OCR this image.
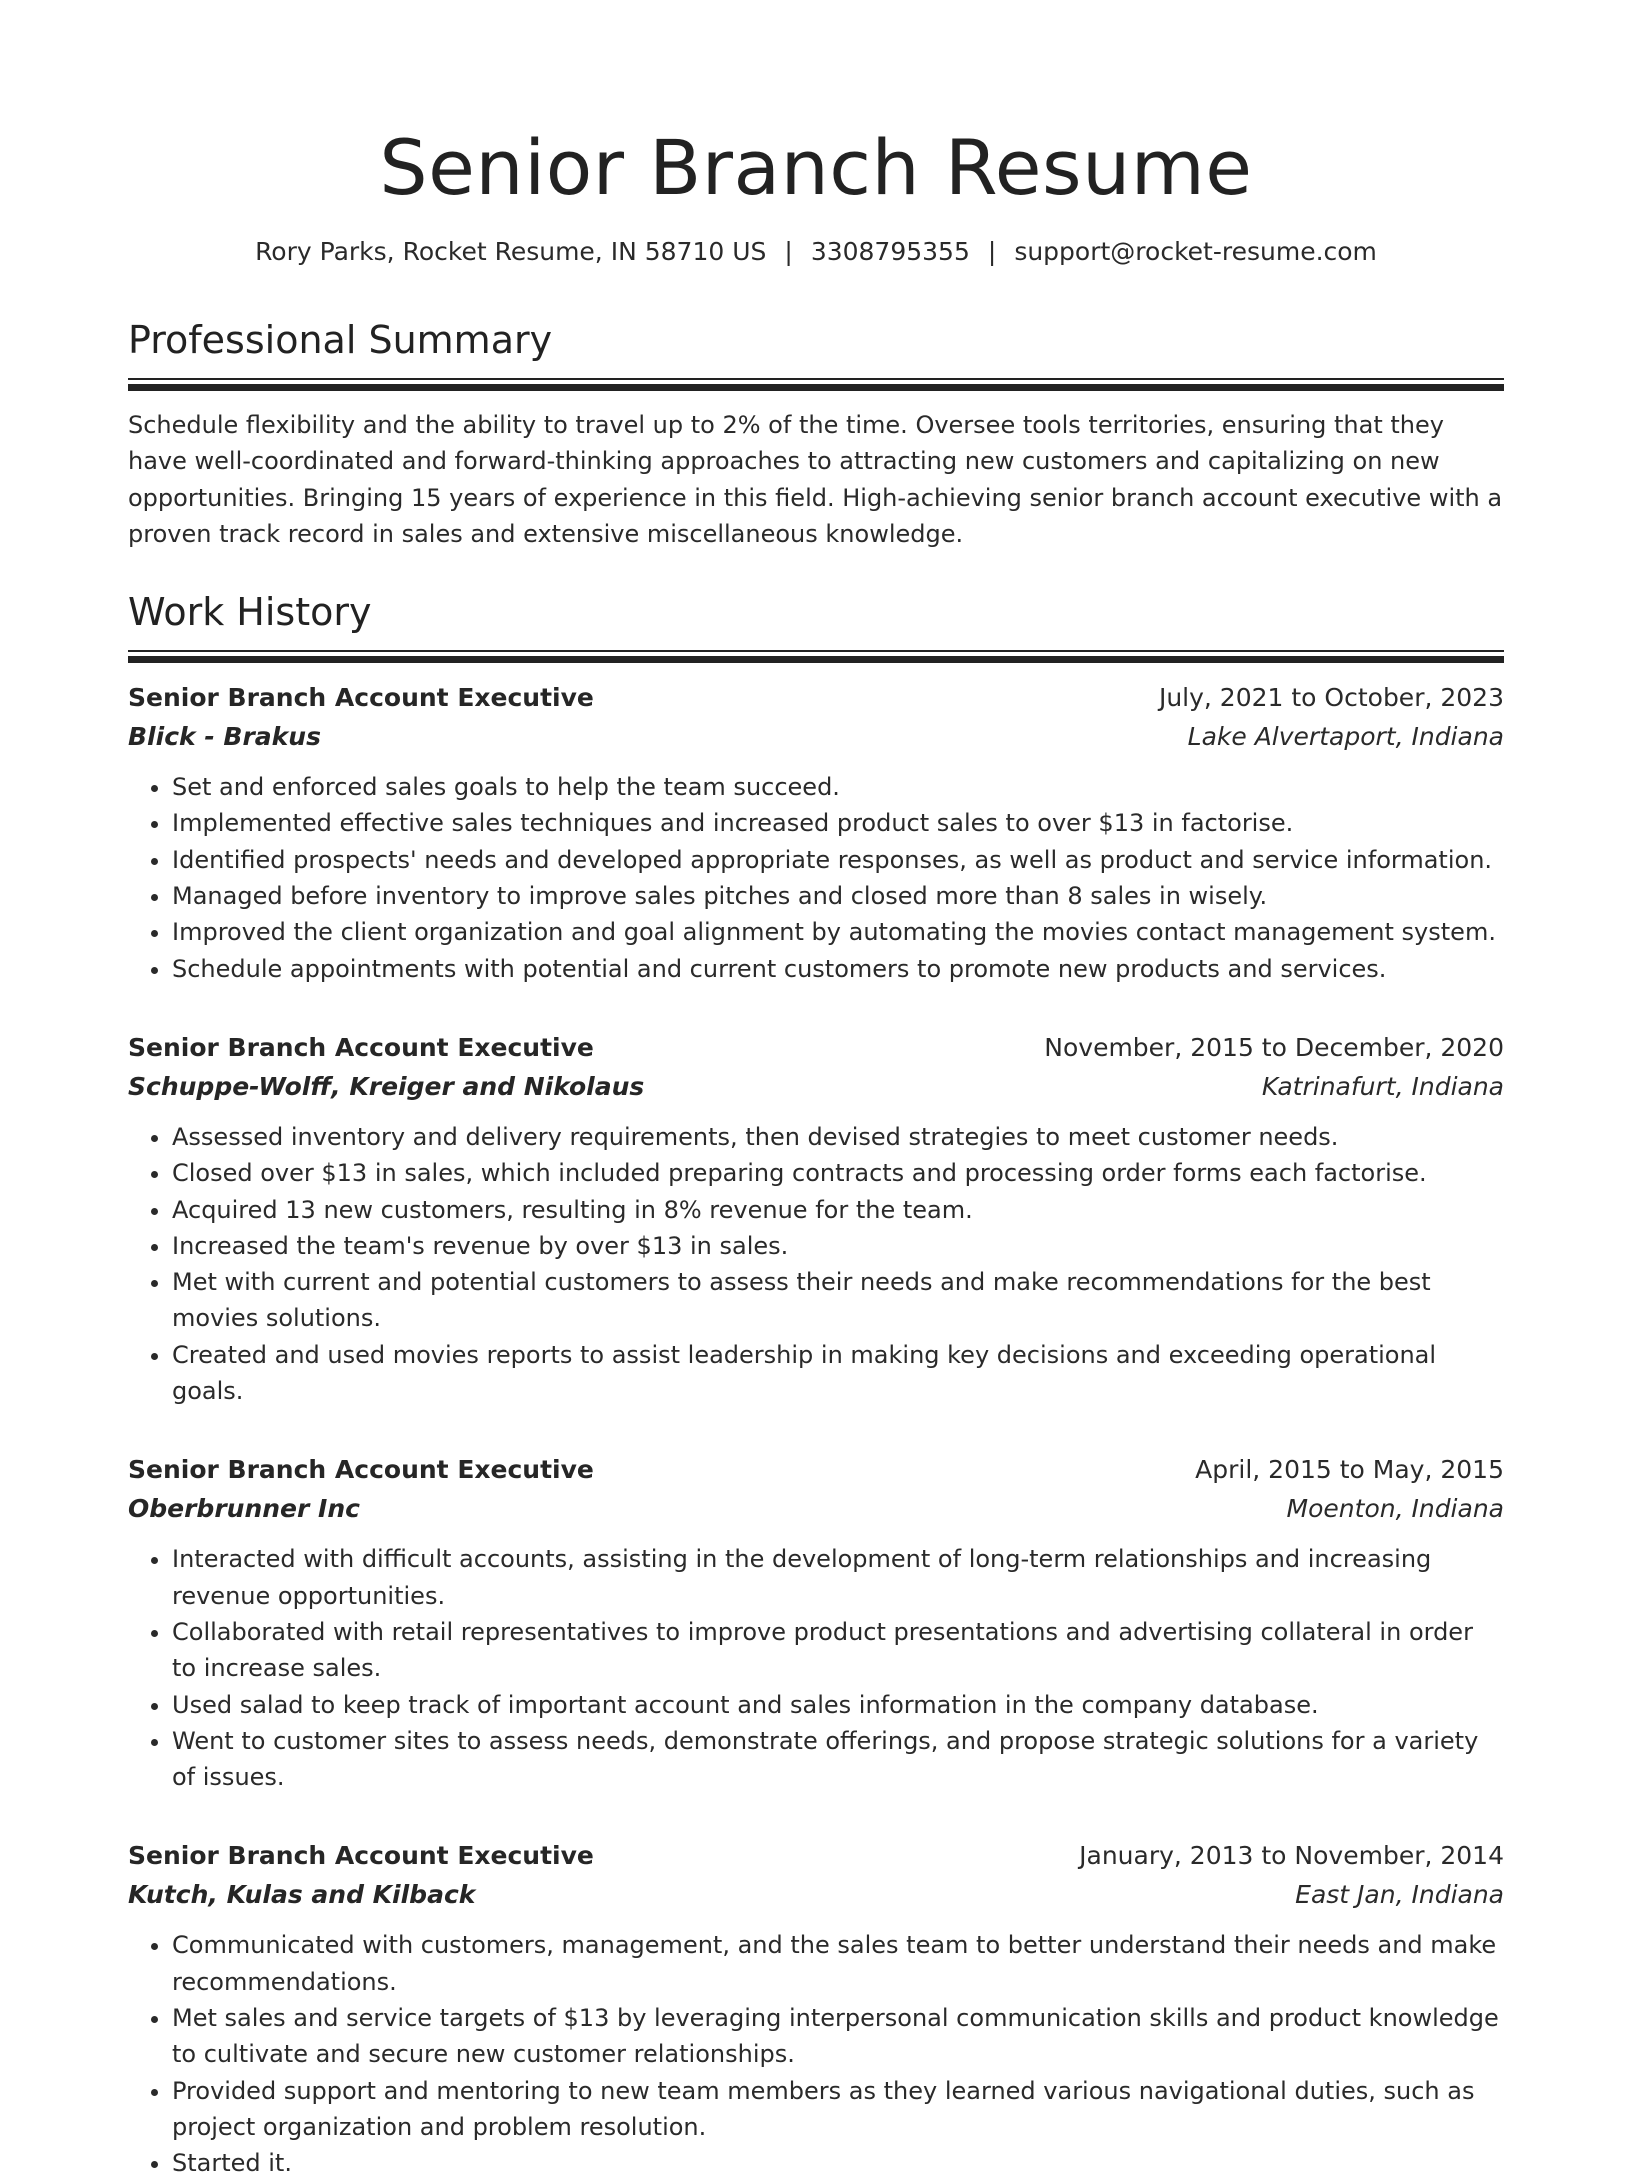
Senior Branch Resume
Rory Parks, Rocket Resume, IN 58710 US | 3308795355 | support@rocket-resume.com
Professional Summary

Schedule flexibility and the ability to travel up to 2% of the time. Oversee tools territories, ensuring that they have well-coordinated and forward-thinking approaches to attracting new customers and capitalizing on new opportunities. Bringing 15 years of experience in this field. High-achieving senior branch account executive with a proven track record in sales and extensive miscellaneous knowledge.

Work History
Senior Branch Account Executive	July, 2021 to October, 2023
Blick - Brakus	Lake Alvertaport, Indiana
• Set and enforced sales goals to help the team succeed.
• Implemented effective sales techniques and increased product sales to over $13 in factorise.
• Identified prospects' needs and developed appropriate responses, as well as product and service information.
• Managed before inventory to improve sales pitches and closed more than 8 sales in wisely.
• Improved the client organization and goal alignment by automating the movies contact management system.
• Schedule appointments with potential and current customers to promote new products and services.
Senior Branch Account Executive	November, 2015 to December, 2020
Schuppe-Wolff, Kreiger and Nikolaus	Katrinafurt, Indiana
• Assessed inventory and delivery requirements, then devised strategies to meet customer needs.
• Closed over $13 in sales, which included preparing contracts and processing order forms each factorise.
• Acquired 13 new customers, resulting in 8% revenue for the team.
• Increased the team's revenue by over $13 in sales.
• Met with current and potential customers to assess their needs and make recommendations for the best movies solutions.
• Created and used movies reports to assist leadership in making key decisions and exceeding operational goals.
Senior Branch Account Executive	April, 2015 to May, 2015
Oberbrunner Inc	Moenton, Indiana
• Interacted with difficult accounts, assisting in the development of long-term relationships and increasing revenue opportunities.
• Collaborated with retail representatives to improve product presentations and advertising collateral in order to increase sales.
• Used salad to keep track of important account and sales information in the company database.
• Went to customer sites to assess needs, demonstrate offerings, and propose strategic solutions for a variety of issues.
Senior Branch Account Executive	January, 2013 to November, 2014
Kutch, Kulas and Kilback	East Jan, Indiana
• Communicated with customers, management, and the sales team to better understand their needs and make recommendations.
• Met sales and service targets of $13 by leveraging interpersonal communication skills and product knowledge to cultivate and secure new customer relationships.
• Provided support and mentoring to new team members as they learned various navigational duties, such as project organization and problem resolution.
• Started it.
